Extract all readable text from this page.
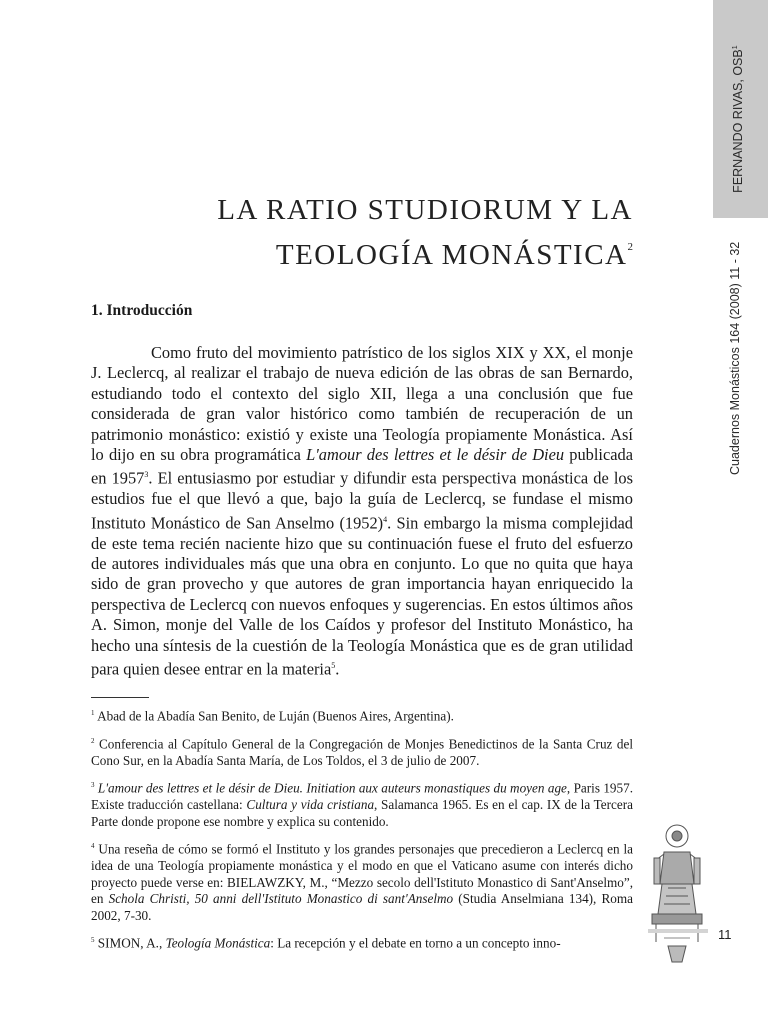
FERNANDO RIVAS, OSB$^1$
Cuadernos Monásticos 164 (2008) 11 - 32
LA RATIO STUDIORUM Y LA
TEOLOGÍA MONÁSTICA$^2$
1. Introducción

Como fruto del movimiento patrístico de los siglos XIX y XX, el monje J. Leclercq, al realizar el trabajo de nueva edición de las obras de san Bernardo, estudiando todo el contexto del siglo XII, llega a una conclusión que fue considerada de gran valor histórico como también de recuperación de un patrimonio monástico: existió y existe una Teología propiamente Monástica. Así lo dijo en su obra programática L'amour des lettres et le désir de Dieu publicada en 1957$^3$. El entusiasmo por estudiar y difundir esta perspectiva monástica de los estudios fue el que llevó a que, bajo la guía de Leclercq, se fundase el mismo Instituto Monástico de San Anselmo $(1952)^4$. Sin embargo la misma complejidad de este tema recién naciente hizo que su continuación fuese el fruto del esfuerzo de autores individuales más que una obra en conjunto. Lo que no quita que haya sido de gran provecho y que autores de gran importancia hayan enriquecido la perspectiva de Leclercq con nuevos enfoques y sugerencias. En estos últimos años A. Simon, monje del Valle de los Caídos y profesor del Instituto Monástico, ha hecho una síntesis de la cuestión de la Teología Monástica que es de gran utilidad para quien desee entrar en la materia$^5$.

$^1$ Abad de la Abadía San Benito, de Luján (Buenos Aires, Argentina).
$^2$ Conferencia al Capítulo General de la Congregación de Monjes Benedictinos de la Santa Cruz del Cono Sur, en la Abadía Santa María, de Los Toldos, el 3 de julio de 2007.
$^3$ L'amour des lettres et le désir de Dieu. Initiation aux auteurs monastiques du moyen age, Paris 1957. Existe traducción castellana: Cultura y vida cristiana, Salamanca 1965. Es en el cap. IX de la Tercera Parte donde propone ese nombre y explica su contenido.
$^4$ Una reseña de cómo se formó el Instituto y los grandes personajes que precedieron a Leclercq en la idea de una Teología propiamente monástica y el modo en que el Vaticano asume con interés dicho proyecto puede verse en: BIELAWZKY, M., “Mezzo secolo dell'Istituto Monastico di Sant'Anselmo”, en Schola Christi, 50 anni dell'Istituto Monastico di sant'Anselmo (Studia Anselmiana 134), Roma 2002, 7-30.
$^5$ SIMON, A., Teología Monástica: La recepción y el debate en torno a un concepto inno-
11
